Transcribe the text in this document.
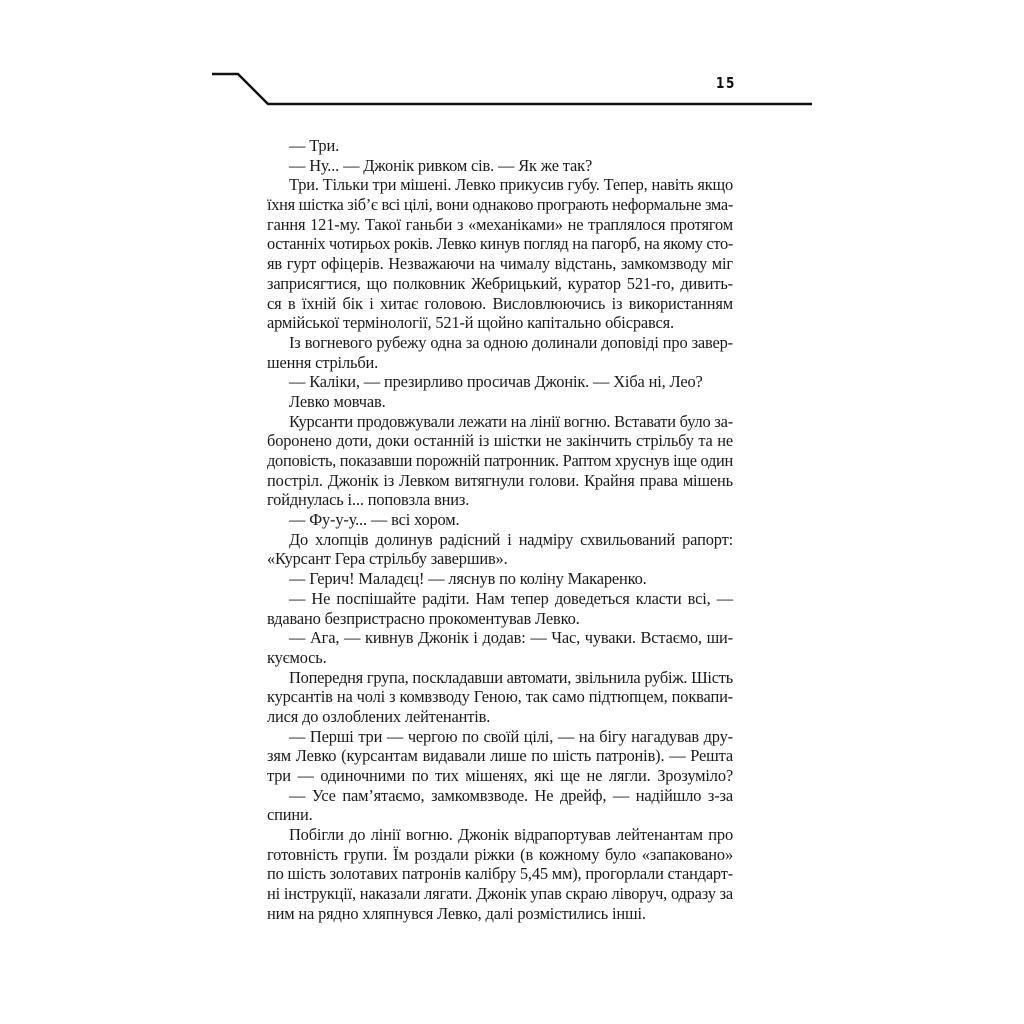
15
— Три.
— Ну... — Джонік ривком сів. — Як же так?
Три. Тільки три мішені. Левко прикусив губу. Тепер, навіть якщо
їхня шістка зіб’є всі цілі, вони однаково програють неформальне зма-
гання 121-му. Такої ганьби з «механіками» не траплялося протягом
останніх чотирьох років. Левко кинув погляд на пагорб, на якому сто-
яв гурт офіцерів. Незважаючи на чималу відстань, замкомзводу міг
заприсягтися, що полковник Жебрицький, куратор 521-го, дивить-
ся в їхній бік і хитає головою. Висловлюючись із використанням
армійської термінології, 521-й щойно капітально обісрався.
Із вогневого рубежу одна за одною долинали доповіді про завер-
шення стрільби.
— Каліки, — презирливо просичав Джонік. — Хіба ні, Лео?
Левко мовчав.
Курсанти продовжували лежати на лінії вогню. Вставати було за-
боронено доти, доки останній із шістки не закінчить стрільбу та не
доповість, показавши порожній патронник. Раптом хруснув іще один
постріл. Джонік із Левком витягнули голови. Крайня права мішень
гойднулась і... поповзла вниз.
— Фу-у-у... — всі хором.
До хлопців долинув радісний і надміру схвильований рапорт:
«Курсант Гера стрільбу завершив».
— Герич! Маладєц! — ляснув по коліну Макаренко.
— Не поспішайте радіти. Нам тепер доведеться класти всі, —
вдавано безпристрасно прокоментував Левко.
— Ага, — кивнув Джонік і додав: — Час, чуваки. Встаємо, ши-
куємось.
Попередня група, поскладавши автомати, звільнила рубіж. Шість
курсантів на чолі з комвзводу Геною, так само підтюпцем, поквапи-
лися до озлоблених лейтенантів.
— Перші три — чергою по своїй цілі, — на бігу нагадував дру-
зям Левко (курсантам видавали лише по шість патронів). — Решта
три — одиночними по тих мішенях, які ще не лягли. Зрозуміло?
— Усе пам’ятаємо, замкомвзводе. Не дрейф, — надійшло з-за
спини.
Побігли до лінії вогню. Джонік відрапортував лейтенантам про
готовність групи. Їм роздали ріжки (в кожному було «запаковано»
по шість золотавих патронів калібру 5,45 мм), прогорлали стандарт-
ні інструкції, наказали лягати. Джонік упав скраю ліворуч, одразу за
ним на рядно хляпнувся Левко, далі розмістились інші.
